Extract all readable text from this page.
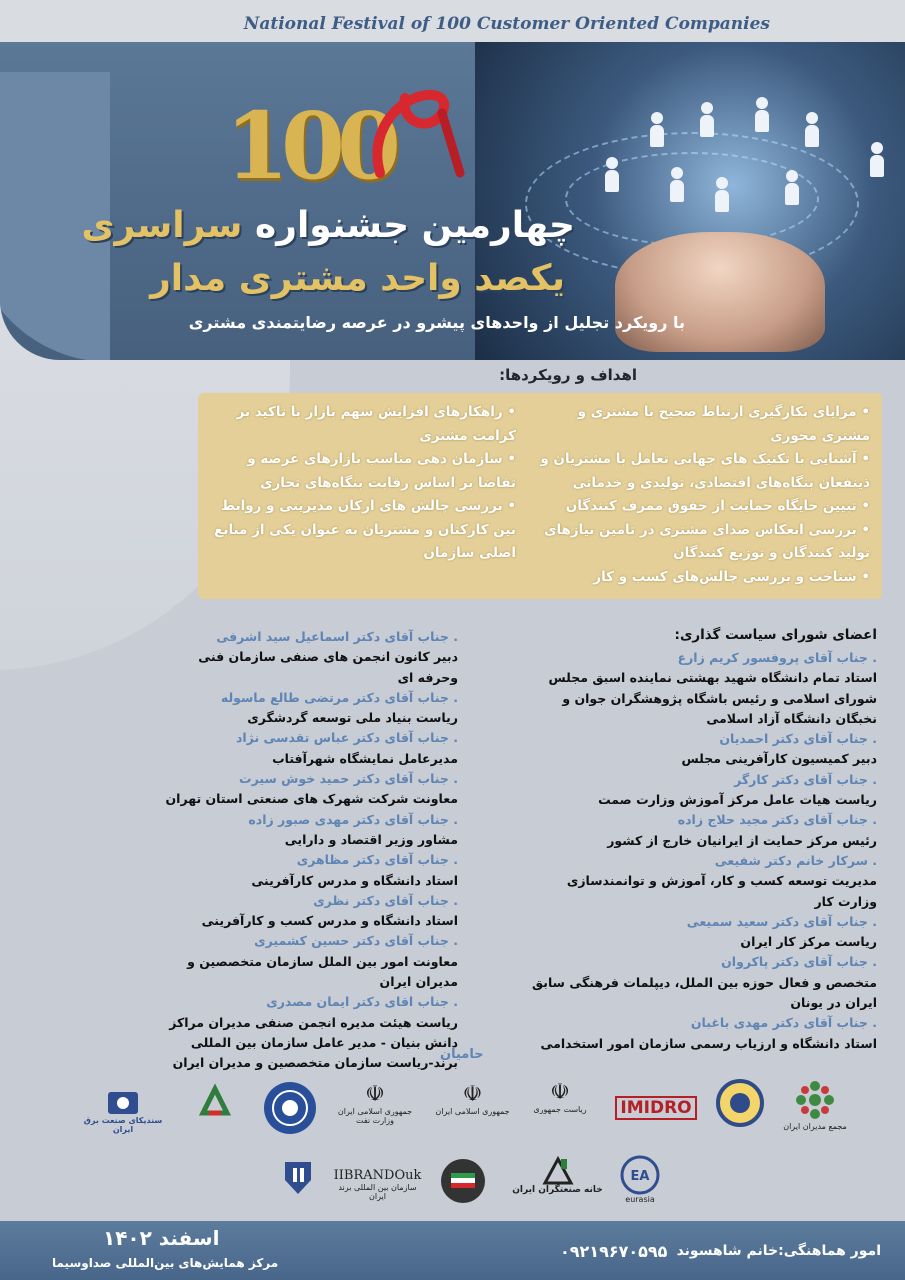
National Festival of 100 Customer Oriented Companies
100
چهارمین جشنواره سراسری
یکصد واحد مشتری مدار
با رویکرد تجلیل از واحدهای پیشرو در عرصه رضایتمندی مشتری
اهداف و رویکردها:

• مزایای بکارگیری ارتباط صحیح با مشتری و مشتری محوری

• آشنایی با تکنیک های جهانی تعامل با مشتریان و ذینفعان بنگاه‌های اقتصادی، تولیدی و خدماتی

• تبیین جایگاه حمایت از حقوق ممرف کنندگان

• بررسی انعکاس صدای مشتری در تامین نیازهای تولید کنندگان و توزیع کنندگان

• شناخت و بررسی چالش‌های کسب و کار

• راهکارهای افزایش سهم بازار با تاکید بر کرامت مشتری

• سازمان دهی مناسب بازارهای عرضه و تقاضا بر اساس رقابت بنگاه‌های تجاری

• بررسی چالش های ارکان مدیریتی و روابط بین کارکنان و مشتریان به عنوان یکی از منابع اصلی سازمان

اعضای شورای سیاست گذاری:
. جناب آقای پروفسور کریم زارع
استاد تمام دانشگاه شهید بهشتی نماینده اسبق مجلس شورای اسلامی و رئیس باشگاه پژوهشگران جوان و نخبگان دانشگاه آزاد اسلامی
. جناب آقای دکتر احمدیان
دبیر کمیسیون کارآفرینی مجلس
. جناب آقای دکتر کارگر
ریاست هیات عامل مرکز آموزش وزارت صمت
. جناب آقای دکتر مجید حلاج زاده
رئیس مرکز حمایت از ایرانیان خارج از کشور
. سرکار خانم دکتر شفیعی
مدیریت توسعه کسب و کار، آموزش و توانمندسازی وزارت کار
. جناب آقای دکتر سعید سمیعی
ریاست مرکز کار ایران
. جناب آقای دکتر پاکروان
متخصص و فعال حوزه بین الملل، دیپلمات فرهنگی سابق ایران در یونان
. جناب آقای دکتر مهدی باغبان
استاد دانشگاه و ارزیاب رسمی سازمان امور استخدامی
. جناب آقای دکتر اسماعیل سید اشرفی
دبیر کانون انجمن های صنفی سازمان فنی وحرفه ای
. جناب آقای دکتر مرتضی طالع ماسوله
ریاست بنیاد ملی توسعه گردشگری
. جناب آقای دکتر عباس تقدسی نژاد
مدیرعامل نمایشگاه شهرآفتاب
. جناب آقای دکتر حمید خوش سیرت
معاونت شرکت شهرک های صنعتی استان تهران
. جناب آقای دکتر مهدی صبور زاده
مشاور وزیر اقتصاد و دارایی
. جناب آقای دکتر مظاهری
استاد دانشگاه و مدرس کارآفرینی
. جناب آقای دکتر نظری
استاد دانشگاه و مدرس کسب و کارآفرینی
. جناب آقای دکتر حسین کشمیری
معاونت امور بین الملل سازمان متخصصین و مدیران ایران
. جناب اقای دکتر ایمان مصدری
ریاست هیئت مدیره انجمن صنفی مدیران مراکز دانش بنیان - مدیر عامل سازمان بین المللی برند-ریاست سازمان متخصصین و مدیران ایران
حامیان
مجمع مدیران ایران
IMIDRO
☫
ریاست جمهوری
☫
جمهوری اسلامی ایران
☫
جمهوری اسلامی ایران وزارت نفت
سندیکای صنعت برق ایران
EA
eurasia
خانه صنعتگران ایران
IIBRANDOuk
سازمان بین المللی برند ایران
اسفند ۱۴۰۲
مرکز همایش‌های بین‌المللی صداوسیما
۰۹۲۱۹۶۷۰۵۹۵ امور هماهنگی:خانم شاهسوند
